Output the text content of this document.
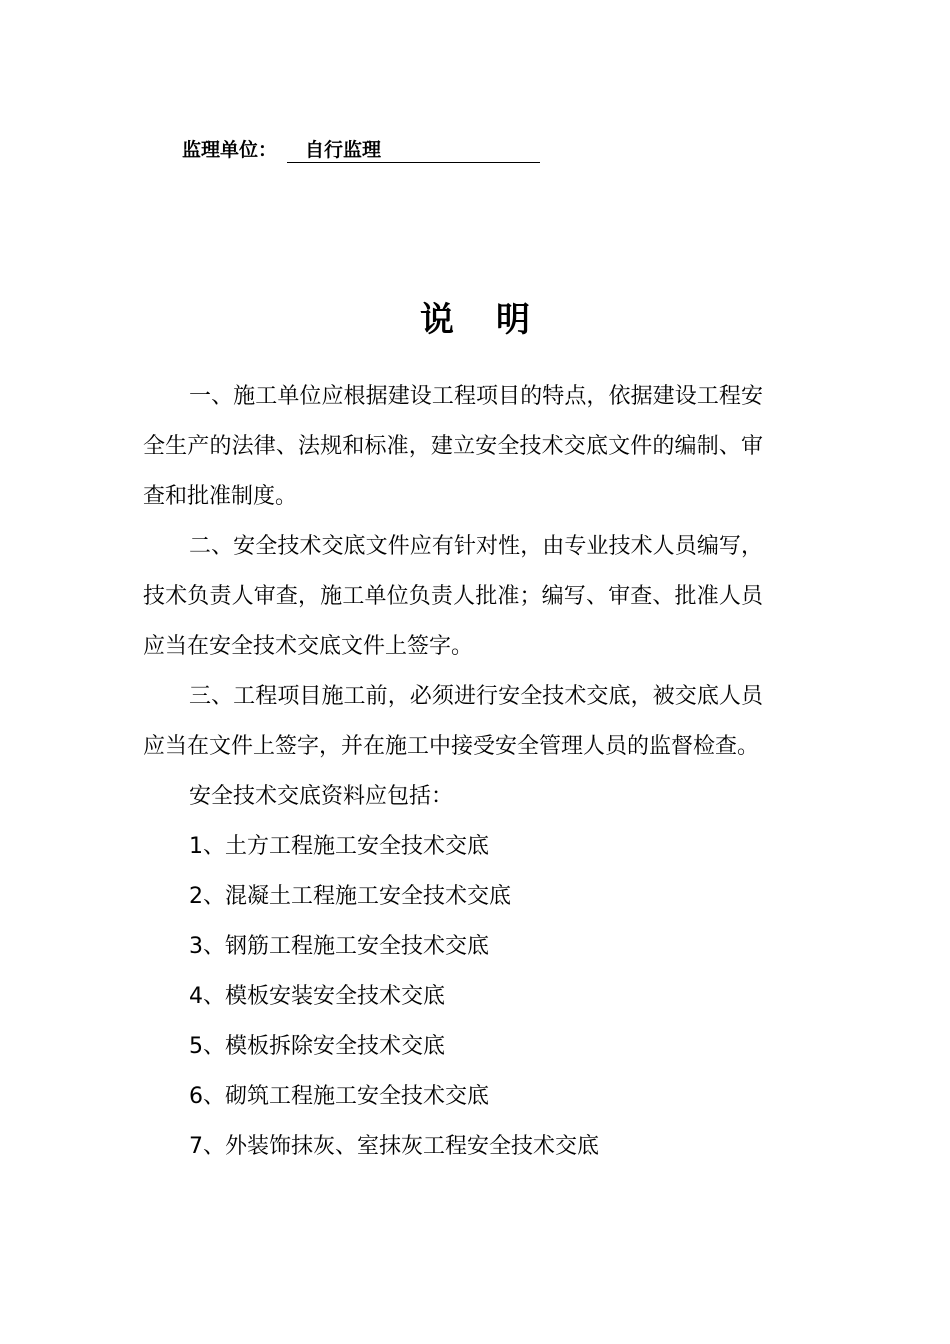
监理单位： 自行监理
说 明

一、施工单位应根据建设工程项目的特点，依据建设工程安全生产的法律、法规和标准，建立安全技术交底文件的编制、审查和批准制度。

二、安全技术交底文件应有针对性，由专业技术人员编写，技术负责人审查，施工单位负责人批准；编写、审查、批准人员应当在安全技术交底文件上签字。

三、工程项目施工前，必须进行安全技术交底，被交底人员应当在文件上签字，并在施工中接受安全管理人员的监督检查。

安全技术交底资料应包括：

1、土方工程施工安全技术交底

2、混凝土工程施工安全技术交底

3、钢筋工程施工安全技术交底

4、模板安装安全技术交底

5、模板拆除安全技术交底

6、砌筑工程施工安全技术交底

7、外装饰抹灰、室抹灰工程安全技术交底
